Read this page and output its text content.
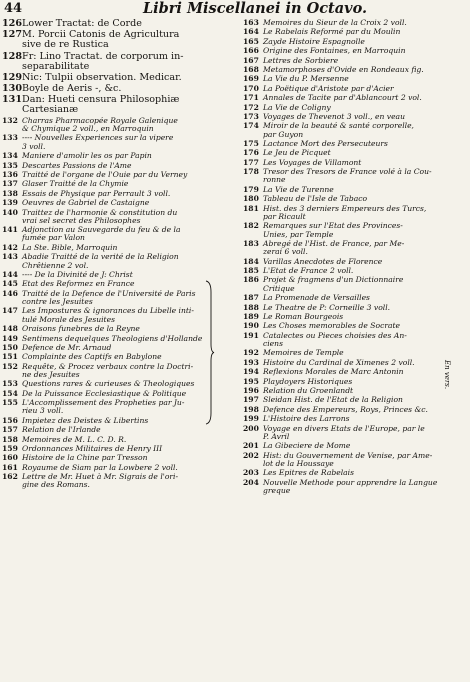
44	Libri Miscellanei in Octavo.
126 Lower Tractat: de Corde
127 M. Porcii Catonis de Agricultura
sive de re Rustica
128 Fr: Lino Tractat. de corporum in-
separabilitate
129 Nic: Tulpii observation. Medicar.
130 Boyle de Aeris -, &c.
131 Dan: Hueti censura Philosophiæ
Cartesianæ
132 Charras Pharmacopée Royale Galenique
& Chymique 2 voll., en Marroquin
133 ---- Nouvelles Experiences sur la vipere
3 voll.
134 Maniere d'amolir les os par Papin
135 Descartes Passions de l'Ame
136 Traitté de l'organe de l'Ouie par du Verney
137 Glaser Traitté de la Chymie
138 Essais de Physique par Perrault 3 voll.
139 Oeuvres de Gabriel de Castaigne
140 Traittez de l'harmonie & constitution du
vrai sel secret des Philosophes
141 Adjonction au Sauvegarde du feu & de la
fumée par Valon
142 La Ste. Bible, Marroquin
143 Abadie Traitté de la verité de la Religion
Chrêtienne 2 vol.
144 ---- De la Divinité de J: Christ
145 Etat des Reformez en France
146 Traitté de la Defence de l'Université de Paris
contre les Jesuites
147 Les Impostures & ignorances du Libelle inti-
tulé Morale des Jesuites
148 Oraisons funebres de la Reyne
149 Sentimens dequelques Theologiens d'Hollande
150 Defence de Mr. Arnaud
151 Complainte des Captifs en Babylone
152 Requête, & Procez verbaux contre la Doctri-
ne des Jesuites
153 Questions rares & curieuses & Theologiques
154 De la Puissance Ecclesiastique & Politique
155 L'Accomplissement des Propheties par Ju-
rieu 3 voll.
156 Impietez des Deistes & Libertins
157 Relation de l'Irlande
158 Memoires de M. L. C. D. R.
159 Ordonnances Militaires de Henry III
160 Histoire de la Chine par Tresson
161 Royaume de Siam par la Lowbere 2 voll.
162 Lettre de Mr. Huet à Mr. Sigrais de l'ori-
gine des Romans.
163 Memoires du Sieur de la Croix 2 voll.
164 Le Rabelais Reformé par du Moulin
165 Zayde Histoire Espagnolle
166 Origine des Fontaines, en Marroquin
167 Lettres de Sorbiere
168 Metamorphoses d'Ovide en Rondeaux fig.
169 La Vie du P. Mersenne
170 La Poëtique d'Aristote par d'Acier
171 Annales de Tacite par d'Ablancourt 2 vol.
172 La Vie de Coligny
173 Voyages de Thevenot 3 voll., en veau
174 Miroir de la beauté & santé corporelle,
par Guyon
175 Lactance Mort des Persecuteurs
176 Le Jeu de Picquet
177 Les Voyages de Villamont
178 Tresor des Tresors de France volé à la Cou-
ronne
179 La Vie de Turenne
180 Tableau de l'Isle de Tabaco
181 Hist. des 3 derniers Empereurs des Turcs,
par Ricault
182 Remarques sur l'Etat des Provinces-
Unies, par Temple
183 Abregé de l'Hist. de France, par Me-
zerai 6 voll.
184 Varillas Anecdotes de Florence
185 L'Etat de France 2 voll.
186 Projet & fragmens d'un Dictionnaire
Critique
187 La Promenade de Versailles
188 Le Theatre de P: Corneille 3 voll.
189 Le Roman Bourgeois
190 Les Choses memorables de Socrate
191 Catalectes ou Pieces choisies des An-
ciens
192 Memoires de Temple
193 Histoire du Cardinal de Ximenes 2 voll.
194 Reflexions Morales de Marc Antonin
195 Playdoyers Historiques
196 Relation du Groenlandt
197 Sleidan Hist. de l'Etat de la Religion
198 Defence des Empereurs, Roys, Princes &c.
199 L'Histoire des Larrons
200 Voyage en divers Etats de l'Europe, par le
P. Avril
201 La Gibeciere de Mome
202 Hist: du Gouvernement de Venise, par Ame-
lot de la Houssaye
203 Les Epitres de Rabelais
204 Nouvelle Methode pour apprendre la Langue
greque
En vers.
